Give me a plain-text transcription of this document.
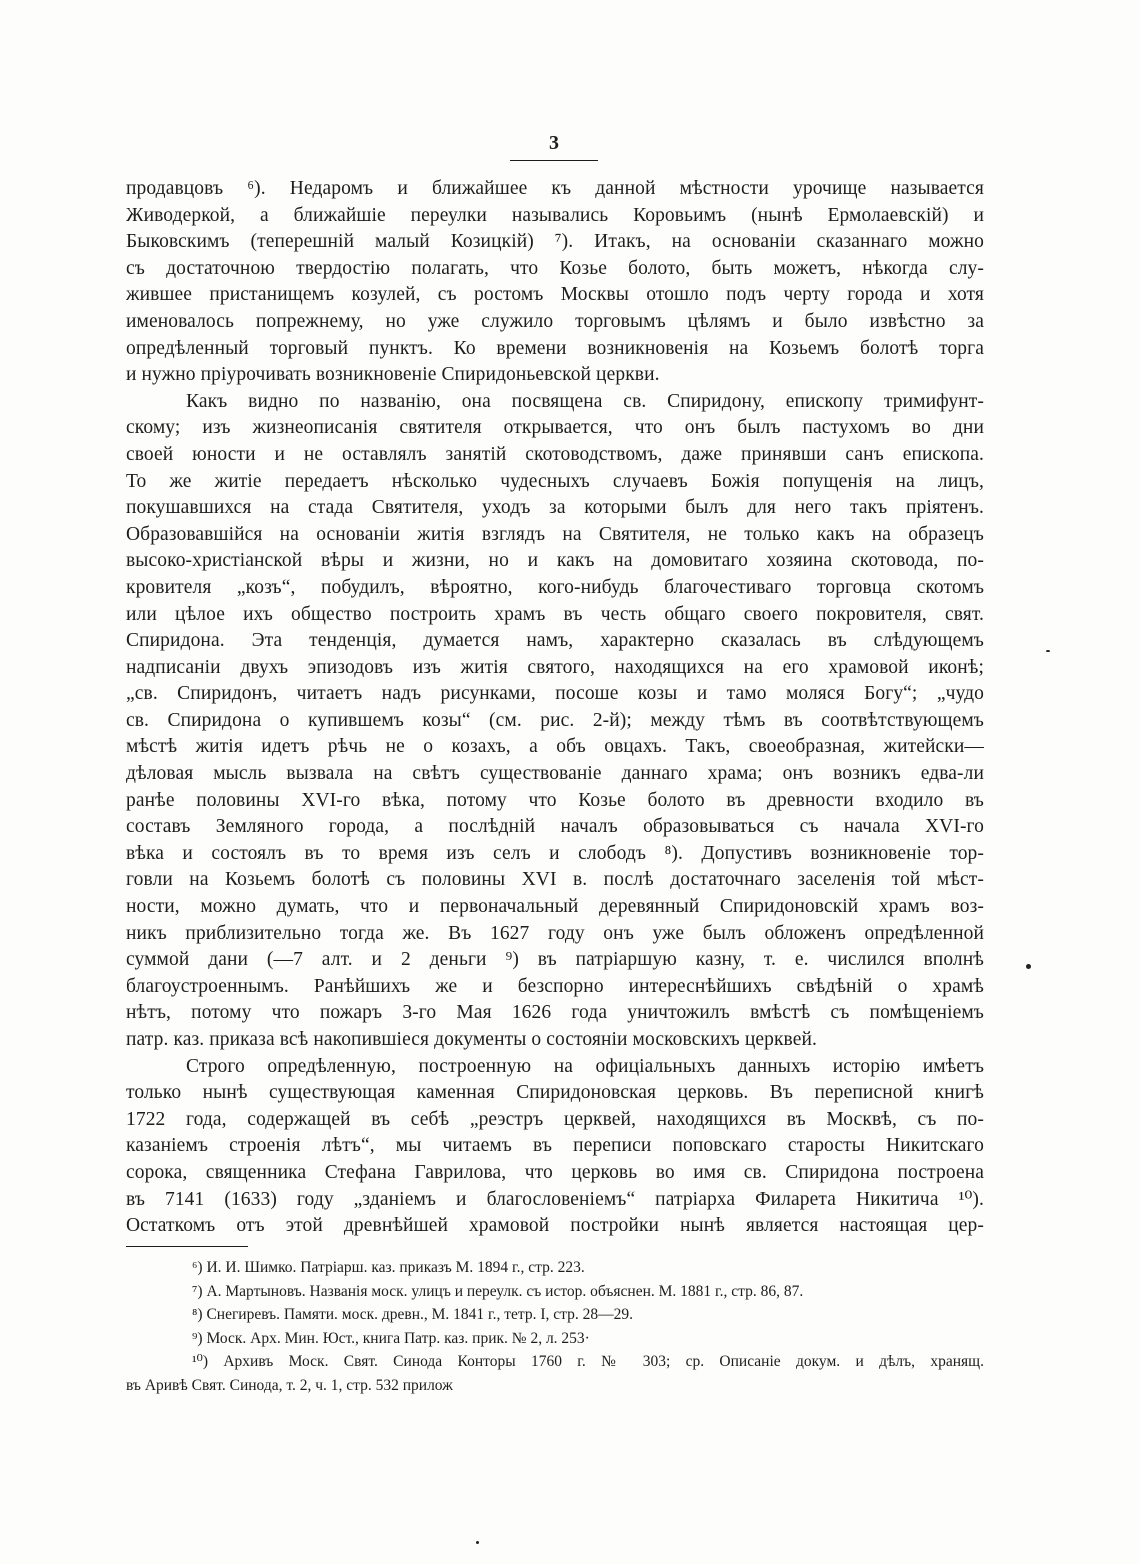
3
продавцовъ ⁶). Недаромъ и ближайшее къ данной мѣстности урочище называется
Живодеркой, а ближайшіе переулки назывались Коровьимъ (нынѣ Ермолаевскій) и
Быковскимъ (теперешній малый Козицкій) ⁷). Итакъ, на основаніи сказаннаго можно
съ достаточною твердостію полагать, что Козье болото, быть можетъ, нѣкогда слу-
жившее пристанищемъ козулей, съ ростомъ Москвы отошло подъ черту города и хотя
именовалось попрежнему, но уже служило торговымъ цѣлямъ и было извѣстно за
опредѣленный торговый пунктъ. Ко времени возникновенія на Козьемъ болотѣ торга
и нужно пріурочивать возникновеніе Спиридоньевской церкви.
Какъ видно по названію, она посвящена св. Спиридону, епископу тримифунт-
скому; изъ жизнеописанія святителя открывается, что онъ былъ пастухомъ во дни
своей юности и не оставлялъ занятій скотоводствомъ, даже принявши санъ епископа.
То же житіе передаетъ нѣсколько чудесныхъ случаевъ Божія попущенія на лицъ,
покушавшихся на стада Святителя, уходъ за которыми былъ для него такъ пріятенъ.
Образовавшійся на основаніи житія взглядъ на Святителя, не только какъ на образецъ
высоко-христіанской вѣры и жизни, но и какъ на домовитаго хозяина скотовода, по-
кровителя „козъ“, побудилъ, вѣроятно, кого-нибудь благочестиваго торговца скотомъ
или цѣлое ихъ общество построить храмъ въ честь общаго своего покровителя, свят.
Спиридона. Эта тенденція, думается намъ, характерно сказалась въ слѣдующемъ
надписаніи двухъ эпизодовъ изъ житія святого, находящихся на его храмовой иконѣ;
„св. Спиридонъ, читаетъ надъ рисунками, посоше козы и тамо моляся Богу“; „чудо
св. Спиридона о купившемъ козы“ (см. рис. 2-й); между тѣмъ въ соотвѣтствующемъ
мѣстѣ житія идетъ рѣчь не о козахъ, а объ овцахъ. Такъ, своеобразная, житейски—
дѣловая мысль вызвала на свѣтъ существованіе даннаго храма; онъ возникъ едва-ли
ранѣе половины XVI-го вѣка, потому что Козье болото въ древности входило въ
составъ Земляного города, а послѣдній началъ образовываться съ начала XVI-го
вѣка и состоялъ въ то время изъ селъ и слободъ ⁸). Допустивъ возникновеніе тор-
говли на Козьемъ болотѣ съ половины XVI в. послѣ достаточнаго заселенія той мѣст-
ности, можно думать, что и первоначальный деревянный Спиридоновскій храмъ воз-
никъ приблизительно тогда же. Въ 1627 году онъ уже былъ обложенъ опредѣленной
суммой дани (—7 алт. и 2 деньги ⁹) въ патріаршую казну, т. е. числился вполнѣ
благоустроеннымъ. Ранѣйшихъ же и безспорно интереснѣйшихъ свѣдѣній о храмѣ
нѣтъ, потому что пожаръ 3-го Мая 1626 года уничтожилъ вмѣстѣ съ помѣщеніемъ
патр. каз. приказа всѣ накопившіеся документы о состояніи московскихъ церквей.
Строго опредѣленную, построенную на офиціальныхъ данныхъ исторію имѣетъ
только нынѣ существующая каменная Спиридоновская церковь. Въ переписной книгѣ
1722 года, содержащей въ себѣ „реэстръ церквей, находящихся въ Москвѣ, съ по-
казаніемъ строенія лѣтъ“, мы читаемъ въ переписи поповскаго старосты Никитскаго
сорока, священника Стефана Гаврилова, что церковь во имя св. Спиридона построена
въ 7141 (1633) году „зданіемъ и благословеніемъ“ патріарха Филарета Никитича ¹⁰).
Остаткомъ отъ этой древнѣйшей храмовой постройки нынѣ является настоящая цер-
⁶) И. И. Шимко. Патріарш. каз. приказъ М. 1894 г., стр. 223.
⁷) А. Мартыновъ. Названія моск. улицъ и переулк. съ истор. объяснен. М. 1881 г., стр. 86, 87.
⁸) Снегиревъ. Памяти. моск. древн., М. 1841 г., тетр. I, стр. 28—29.
⁹) Моск. Арх. Мин. Юст., книга Патр. каз. прик. № 2, л. 253·
¹⁰) Архивъ Моск. Свят. Синода Конторы 1760 г. № 303; ср. Описаніе докум. и дѣлъ, хранящ.
въ Аривѣ Свят. Синода, т. 2, ч. 1, стр. 532 прилож
